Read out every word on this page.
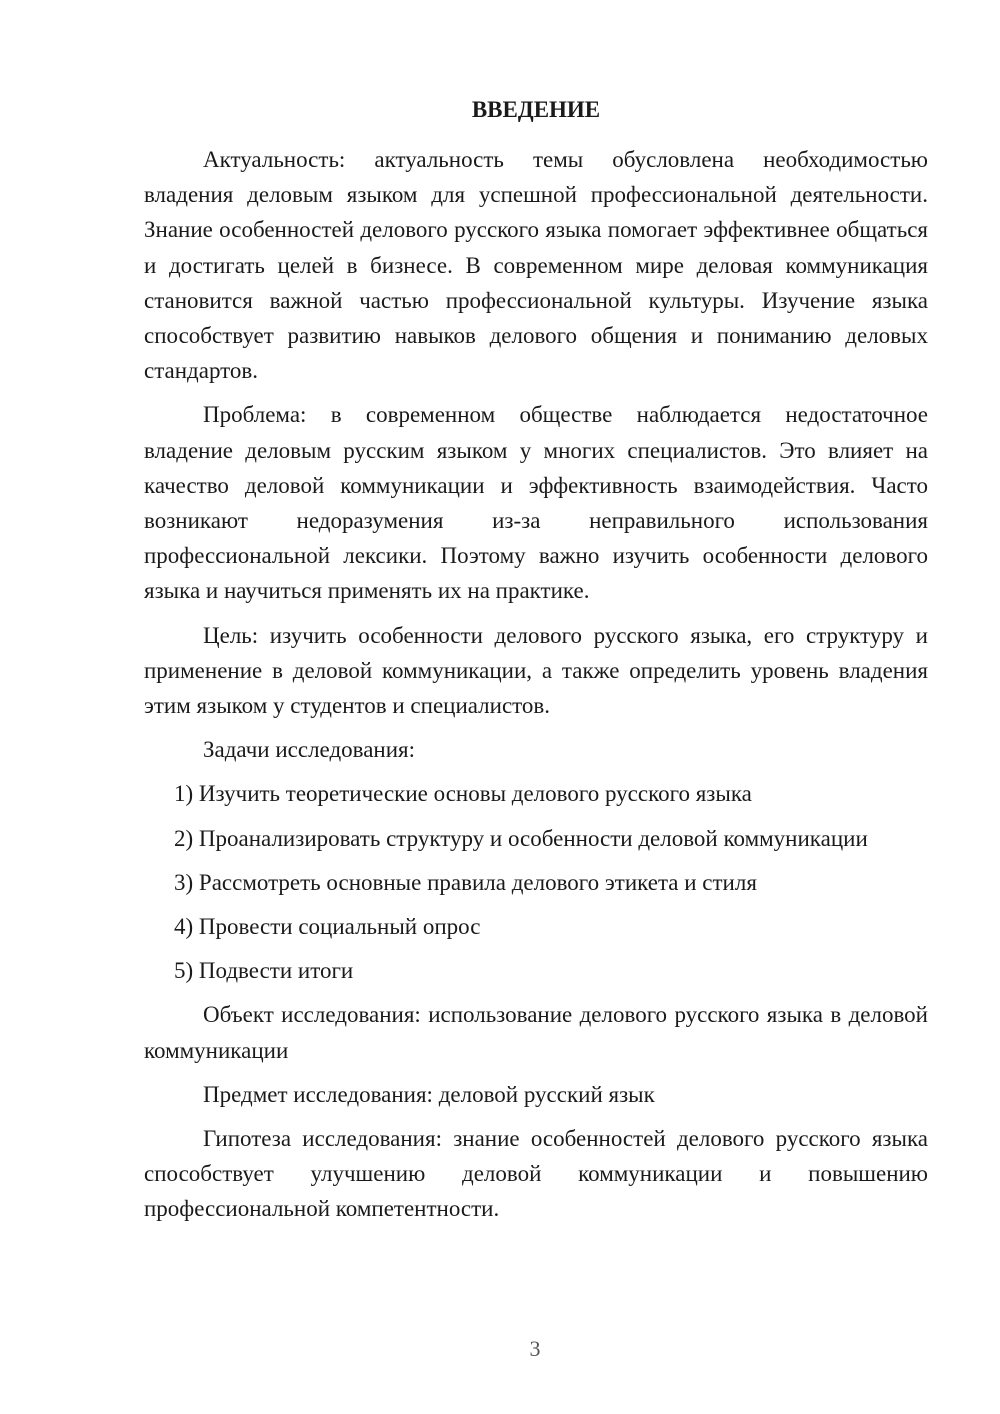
ВВЕДЕНИЕ

Актуальность: актуальность темы обусловлена необходимостью владения деловым языком для успешной профессиональной деятельности. Знание особенностей делового русского языка помогает эффективнее общаться и достигать целей в бизнесе. В современном мире деловая коммуникация становится важной частью профессиональной культуры. Изучение языка способствует развитию навыков делового общения и пониманию деловых стандартов.

Проблема: в современном обществе наблюдается недостаточное владение деловым русским языком у многих специалистов. Это влияет на качество деловой коммуникации и эффективность взаимодействия. Часто возникают недоразумения из-за неправильного использования профессиональной лексики. Поэтому важно изучить особенности делового языка и научиться применять их на практике.

Цель: изучить особенности делового русского языка, его структуру и применение в деловой коммуникации, а также определить уровень владения этим языком у студентов и специалистов.

Задачи исследования:

1) Изучить теоретические основы делового русского языка

2) Проанализировать структуру и особенности деловой коммуникации

3) Рассмотреть основные правила делового этикета и стиля

4) Провести социальный опрос

5) Подвести итоги

Объект исследования: использование делового русского языка в деловой коммуникации

Предмет исследования: деловой русский язык

Гипотеза исследования: знание особенностей делового русского языка способствует улучшению деловой коммуникации и повышению профессиональной компетентности.

3
